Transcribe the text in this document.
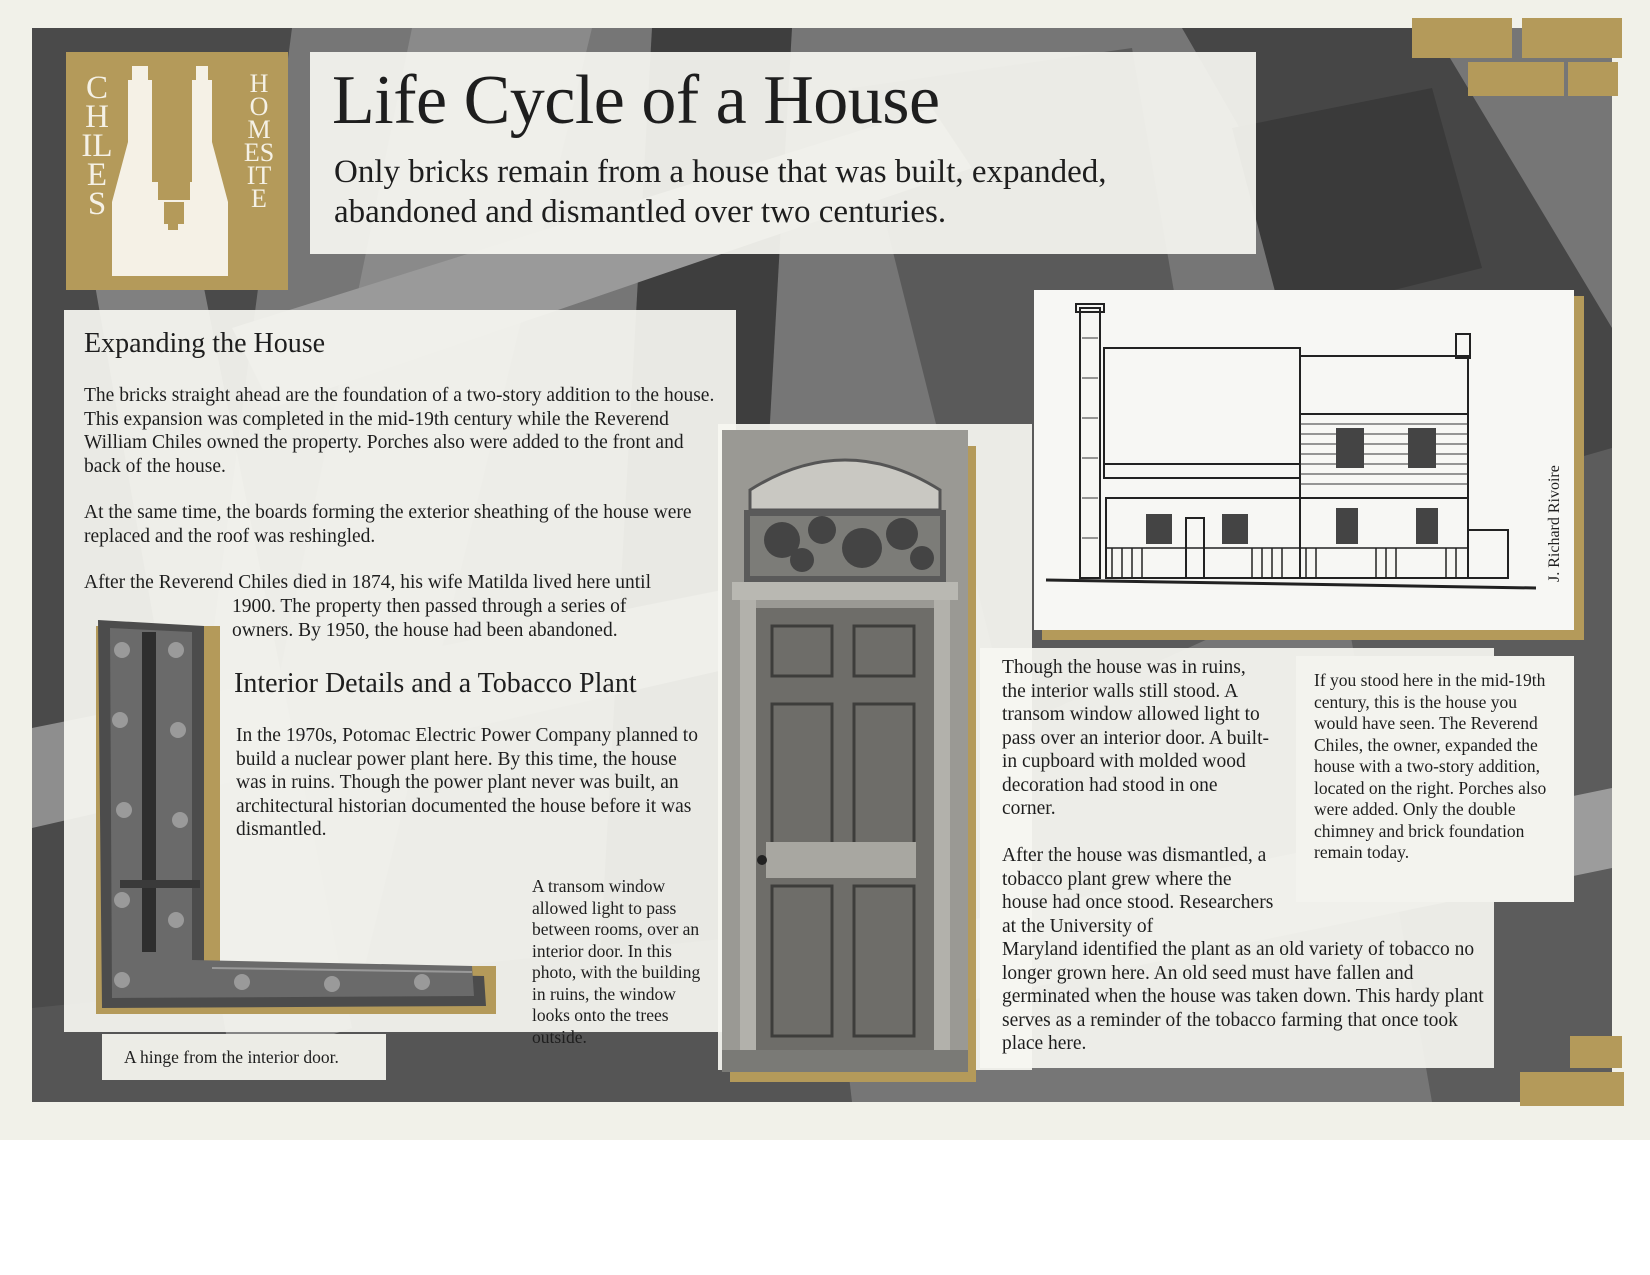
CHILES
HOMESITE
Life Cycle of a House

Only bricks remain from a house that was built, expanded, abandoned and dismantled over two centuries.

Expanding the House

The bricks straight ahead are the foundation of a two-story addition to the house. This expansion was completed in the mid-19th century while the Reverend William Chiles owned the property. Porches also were added to the front and back of the house.

At the same time, the boards forming the exterior sheathing of the house were replaced and the roof was reshingled.

After the Reverend Chiles died in 1874, his wife Matilda lived here until

1900. The property then passed through a series of owners. By 1950, the house had been abandoned.

Interior Details and a Tobacco Plant

In the 1970s, Potomac Electric Power Company planned to build a nuclear power plant here. By this time, the house was in ruins. Though the power plant never was built, an architectural historian documented the house before it was dismantled.

A hinge from the interior door.

A transom window allowed light to pass between rooms, over an interior door. In this photo, with the building in ruins, the window looks onto the trees outside.

J. Richard Rivoire

Though the house was in ruins, the interior walls still stood. A transom window allowed light to pass over an interior door. A built-in cupboard with molded wood decoration had stood in one corner.

After the house was dismantled, a tobacco plant grew where the house had once stood. Researchers at the University of

Maryland identified the plant as an old variety of tobacco no longer grown here. An old seed must have fallen and germinated when the house was taken down. This hardy plant serves as a reminder of the tobacco farming that once took place here.

If you stood here in the mid-19th century, this is the house you would have seen. The Reverend Chiles, the owner, expanded the house with a two-story addition, located on the right. Porches also were added. Only the double chimney and brick foundation remain today.
